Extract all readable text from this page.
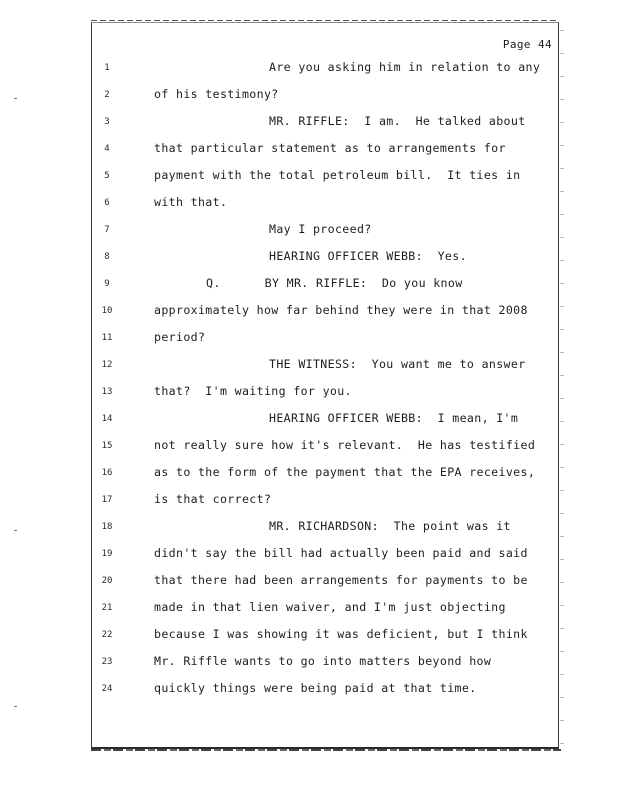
Page 44
1	Are you asking him in relation to any
2	of his testimony?
3	MR. RIFFLE:  I am.  He talked about
4	that particular statement as to arrangements for
5	payment with the total petroleum bill.  It ties in
6	with that.
7	May I proceed?
8	HEARING OFFICER WEBB:  Yes.
9	Q.      BY MR. RIFFLE:  Do you know
10	approximately how far behind they were in that 2008
11	period?
12	THE WITNESS:  You want me to answer
13	that?  I'm waiting for you.
14	HEARING OFFICER WEBB:  I mean, I'm
15	not really sure how it's relevant.  He has testified
16	as to the form of the payment that the EPA receives,
17	is that correct?
18	MR. RICHARDSON:  The point was it
19	didn't say the bill had actually been paid and said
20	that there had been arrangements for payments to be
21	made in that lien waiver, and I'm just objecting
22	because I was showing it was deficient, but I think
23	Mr. Riffle wants to go into matters beyond how
24	quickly things were being paid at that time.
